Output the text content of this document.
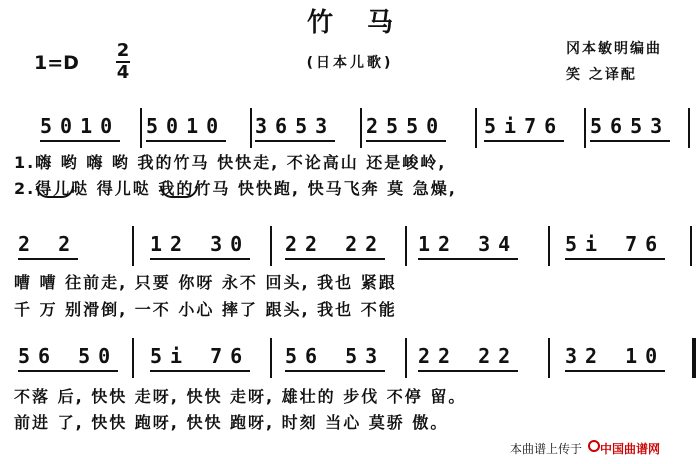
竹马
(日本儿歌)
1=D
2
4
冈本敏明编曲
笑 之译配
5010 5010 3653 2550 5i76 5653
1.嗨 哟 嗨 哟 我的竹马 快快走, 不论高山 还是峻岭,
2.得儿哒 得儿哒 我的竹马 快快跑, 快马飞奔 莫 急燥,
2 2	12 30 22 22 12 34 5i 76
嘈 嘈 往前走, 只要 你呀 永不 回头, 我也 紧跟
千 万 别滑倒, 一不 小心 摔了 跟头, 我也 不能
56 50 5i 76 56 53 22 22 32 10
不落 后, 快快 走呀, 快快 走呀, 雄壮的 步伐 不停 留。
前进 了, 快快 跑呀, 快快 跑呀, 时刻 当心 莫骄 傲。
本曲谱上传于 中国曲谱网
